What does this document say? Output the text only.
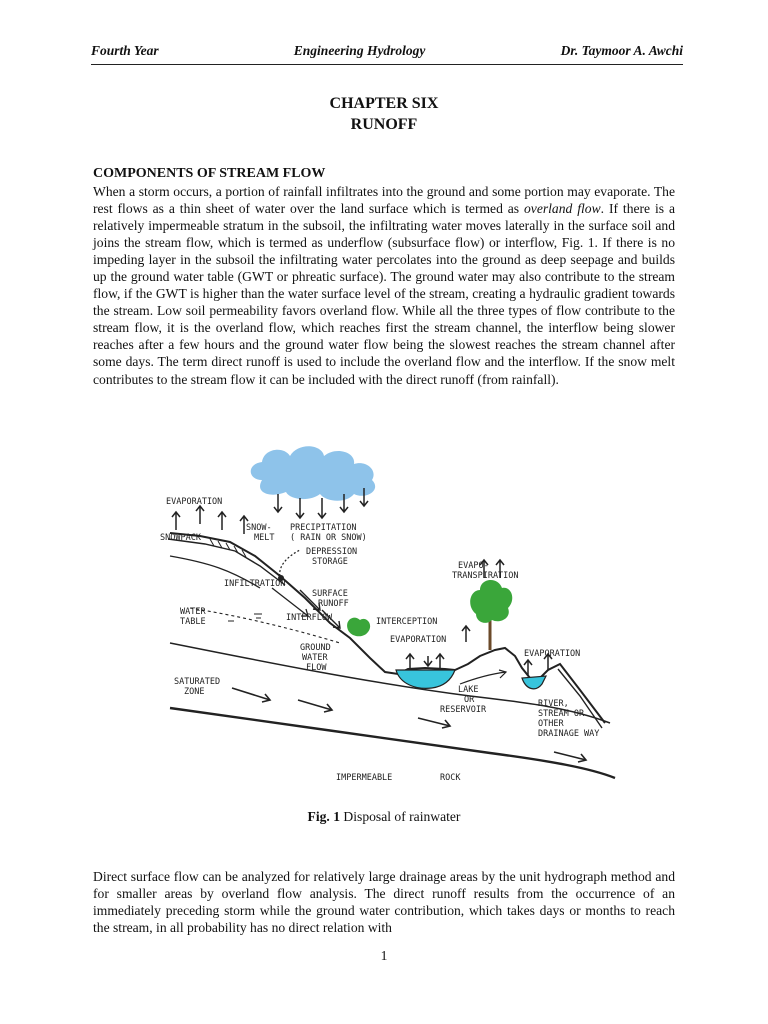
Fourth Year	Engineering Hydrology	Dr. Taymoor A. Awchi
CHAPTER SIX
RUNOFF
COMPONENTS OF STREAM FLOW

When a storm occurs, a portion of rainfall infiltrates into the ground and some portion may evaporate. The rest flows as a thin sheet of water over the land surface which is termed as overland flow. If there is a relatively impermeable stratum in the subsoil, the infiltrating water moves laterally in the surface soil and joins the stream flow, which is termed as underflow (subsurface flow) or interflow, Fig. 1. If there is no impeding layer in the subsoil the infiltrating water percolates into the ground as deep seepage and builds up the ground water table (GWT or phreatic surface). The ground water may also contribute to the stream flow, if the GWT is higher than the water surface level of the stream, creating a hydraulic gradient towards the stream. Low soil permeability favors overland flow. While all the three types of flow contribute to the stream flow, it is the overland flow, which reaches first the stream channel, the interflow being slower reaches after a few hours and the ground water flow being the slowest reaches the stream channel after some days. The term direct runoff is used to include the overland flow and the interflow. If the snow melt contributes to the stream flow it can be included with the direct runoff (from rainfall).

EVAPORATION
SNOWPACK
SNOW-
MELT
PRECIPITATION
( RAIN OR SNOW)
DEPRESSION
STORAGE
INFILTRATION
SURFACE
RUNOFF
WATER
TABLE	INTERFLOW	INTERCEPTION
EVAPO-
TRANSPIRATION
EVAPORATION
EVAPORATION
GROUND
WATER
FLOW
SATURATED
ZONE	LAKE
OR
RESERVOIR
RIVER,
STREAM OR
OTHER
DRAINAGE WAY
IMPERMEABLE	ROCK
Fig. 1 Disposal of rainwater

Direct surface flow can be analyzed for relatively large drainage areas by the unit hydrograph method and for smaller areas by overland flow analysis. The direct runoff results from the occurrence of an immediately preceding storm while the ground water contribution, which takes days or months to reach the stream, in all probability has no direct relation with

1
